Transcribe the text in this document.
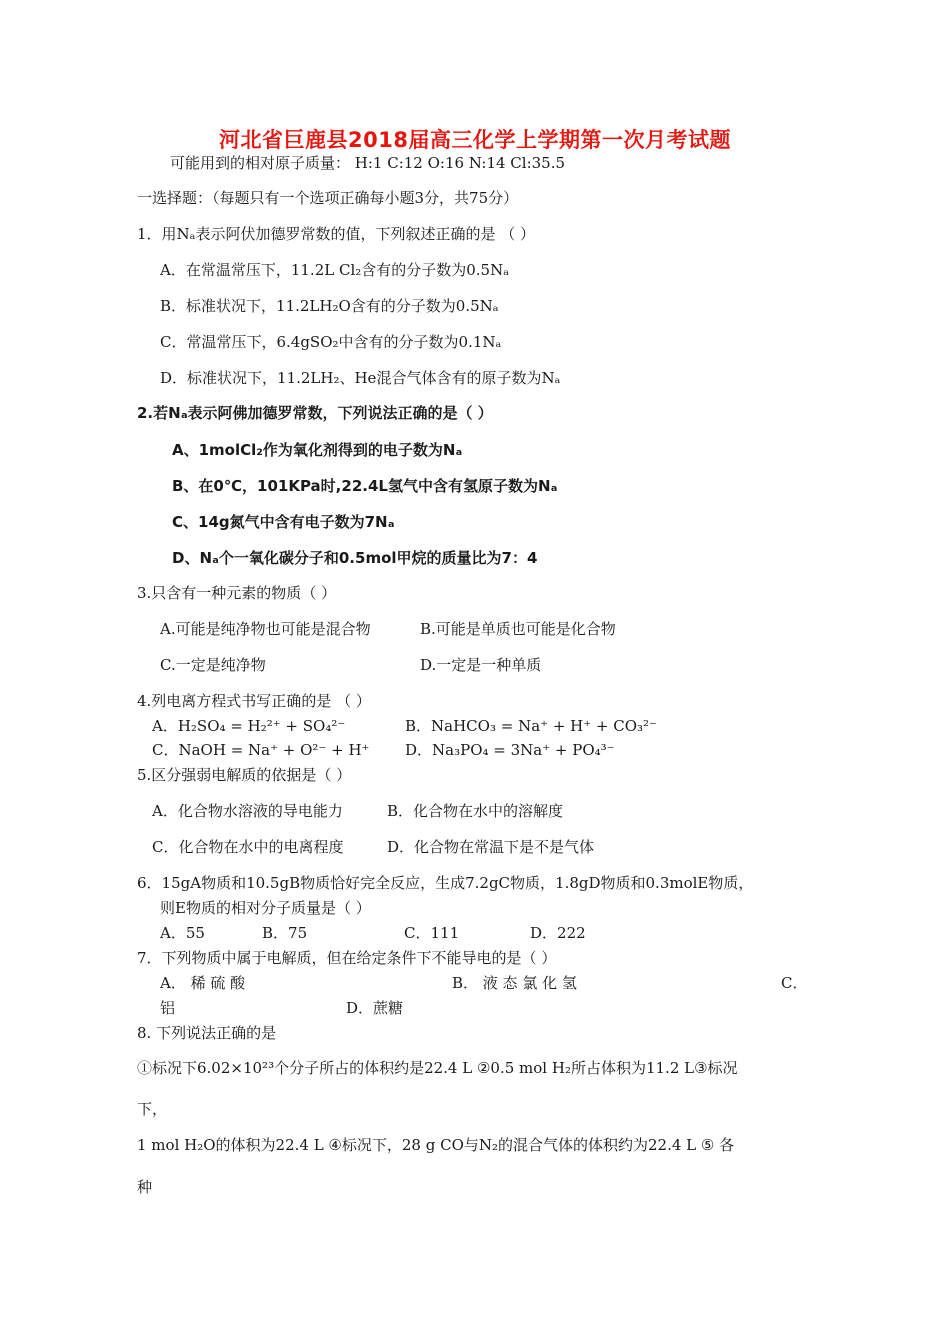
河北省巨鹿县2018届高三化学上学期第一次月考试题
可能用到的相对原子质量： H:1 C:12 O:16 N:14 Cl:35.5
一选择题：（每题只有一个选项正确每小题3分，共75分）
1．用Nₐ表示阿伏加德罗常数的值，下列叙述正确的是 （ ）
A．在常温常压下，11.2L Cl₂含有的分子数为0.5Nₐ
B．标准状况下，11.2LH₂O含有的分子数为0.5Nₐ
C．常温常压下，6.4gSO₂中含有的分子数为0.1Nₐ
D．标准状况下，11.2LH₂、He混合气体含有的原子数为Nₐ
2.若Nₐ表示阿佛加德罗常数，下列说法正确的是（ ）
A、1molCl₂作为氧化剂得到的电子数为Nₐ
B、在0℃，101KPa时,22.4L氢气中含有氢原子数为Nₐ
C、14g氮气中含有电子数为7Nₐ
D、Nₐ个一氧化碳分子和0.5mol甲烷的质量比为7：4
3.只含有一种元素的物质（ ）
A.可能是纯净物也可能是混合物	B.可能是单质也可能是化合物
C.一定是纯净物	D.一定是一种单质
4.列电离方程式书写正确的是 （ ）
A．H₂SO₄ = H₂²⁺ + SO₄²⁻	B．NaHCO₃ = Na⁺ + H⁺ + CO₃²⁻
C．NaOH = Na⁺ + O²⁻ + H⁺ D．Na₃PO₄ = 3Na⁺ + PO₄³⁻
5.区分强弱电解质的依据是（ ）
A．化合物水溶液的导电能力	B．化合物在水中的溶解度
C．化合物在水中的电离程度	D．化合物在常温下是不是气体
6．15gA物质和10.5gB物质恰好完全反应，生成7.2gC物质，1.8gD物质和0.3molE物质，
则E物质的相对分子质量是（ ）
A．55	B．75	C．111	D．222
7．下列物质中属于电解质，但在给定条件下不能导电的是（ ）
A． 稀 硫 酸	B． 液 态 氯 化 氢	C．
铝	D．蔗糖
8. 下列说法正确的是
①标况下6.02×10²³个分子所占的体积约是22.4 L ②0.5 mol H₂所占体积为11.2 L③标况
下，
1 mol H₂O的体积为22.4 L ④标况下，28 g CO与N₂的混合气体的体积约为22.4 L ⑤ 各
种
